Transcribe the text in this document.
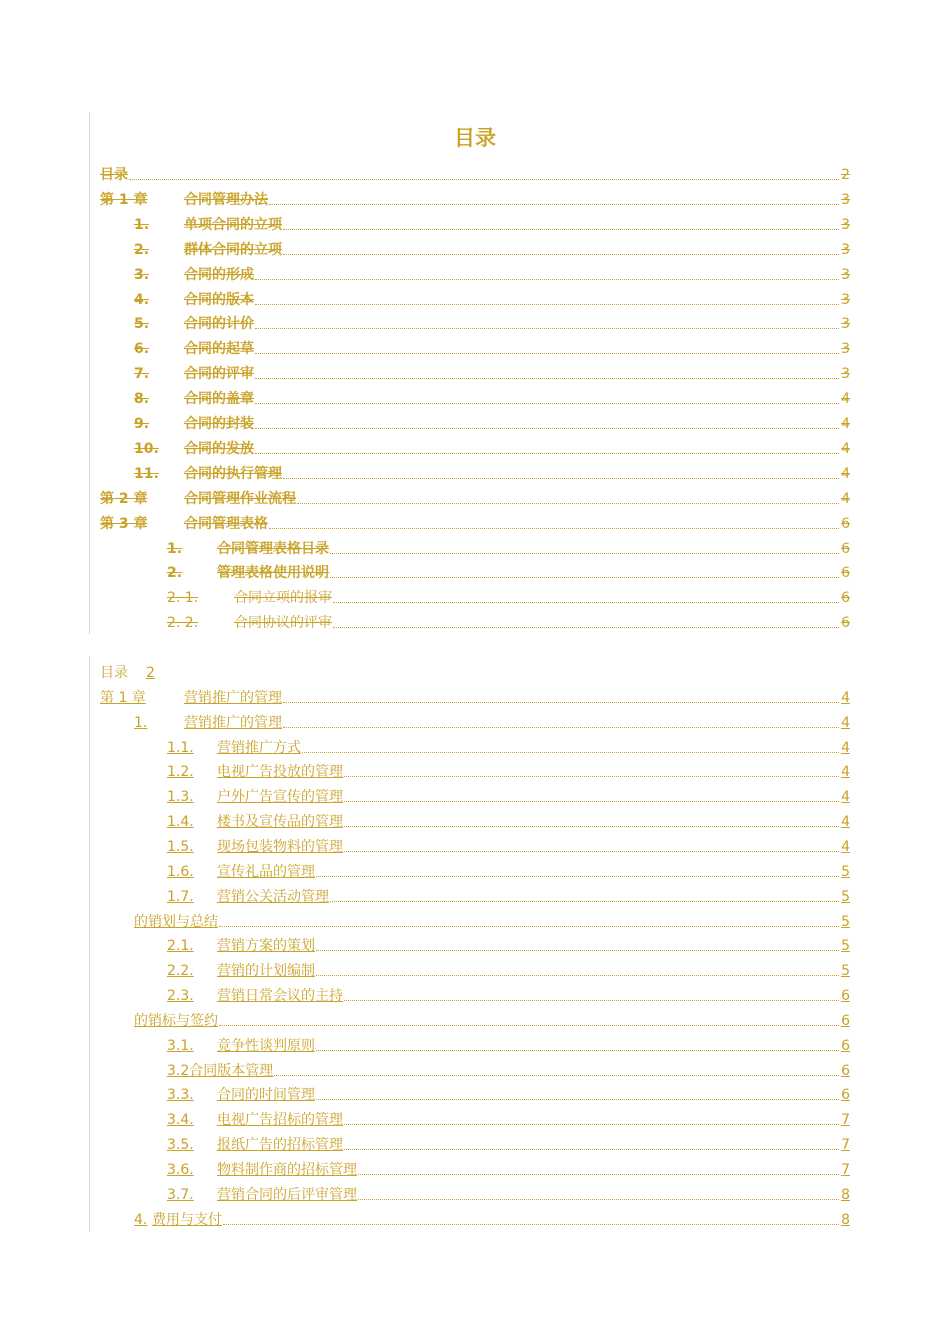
目录
目录	2
第 1 章	合同管理办法	3
1.	单项合同的立项	3
2.	群体合同的立项	3
3.	合同的形成	3
4.	合同的版本	3
5.	合同的计价	3
6.	合同的起草	3
7.	合同的评审	3
8.	合同的盖章	4
9.	合同的封装	4
10.	合同的发放	4
11.	合同的执行管理	4
第 2 章	合同管理作业流程	4
第 3 章	合同管理表格	6
1.	合同管理表格目录	6
2.	管理表格使用说明	6
2. 1.	合同立项的报审	6
2. 2.	合同协议的评审	6
目录	2
第 1 章	营销推广的管理	4
1.	营销推广的管理	4
1.1.	营销推广方式	4
1.2.	电视广告投放的管理	4
1.3.	户外广告宣传的管理	4
1.4.	楼书及宣传品的管理	4
1.5.	现场包装物料的管理	4
1.6.	宣传礼品的管理	5
1.7.	营销公关活动管理	5
的销划与总结	5
2.1.	营销方案的策划	5
2.2.	营销的计划编制	5
2.3.	营销日常会议的主持	6
的销标与签约	6
3.1.	竞争性谈判原则	6
3.2 合同版本管理	6
3.3.	合同的时间管理	6
3.4.	电视广告招标的管理	7
3.5.	报纸广告的招标管理	7
3.6.	物料制作商的招标管理	7
3.7.	营销合同的后评审管理	8
4. 费用与支付	8
